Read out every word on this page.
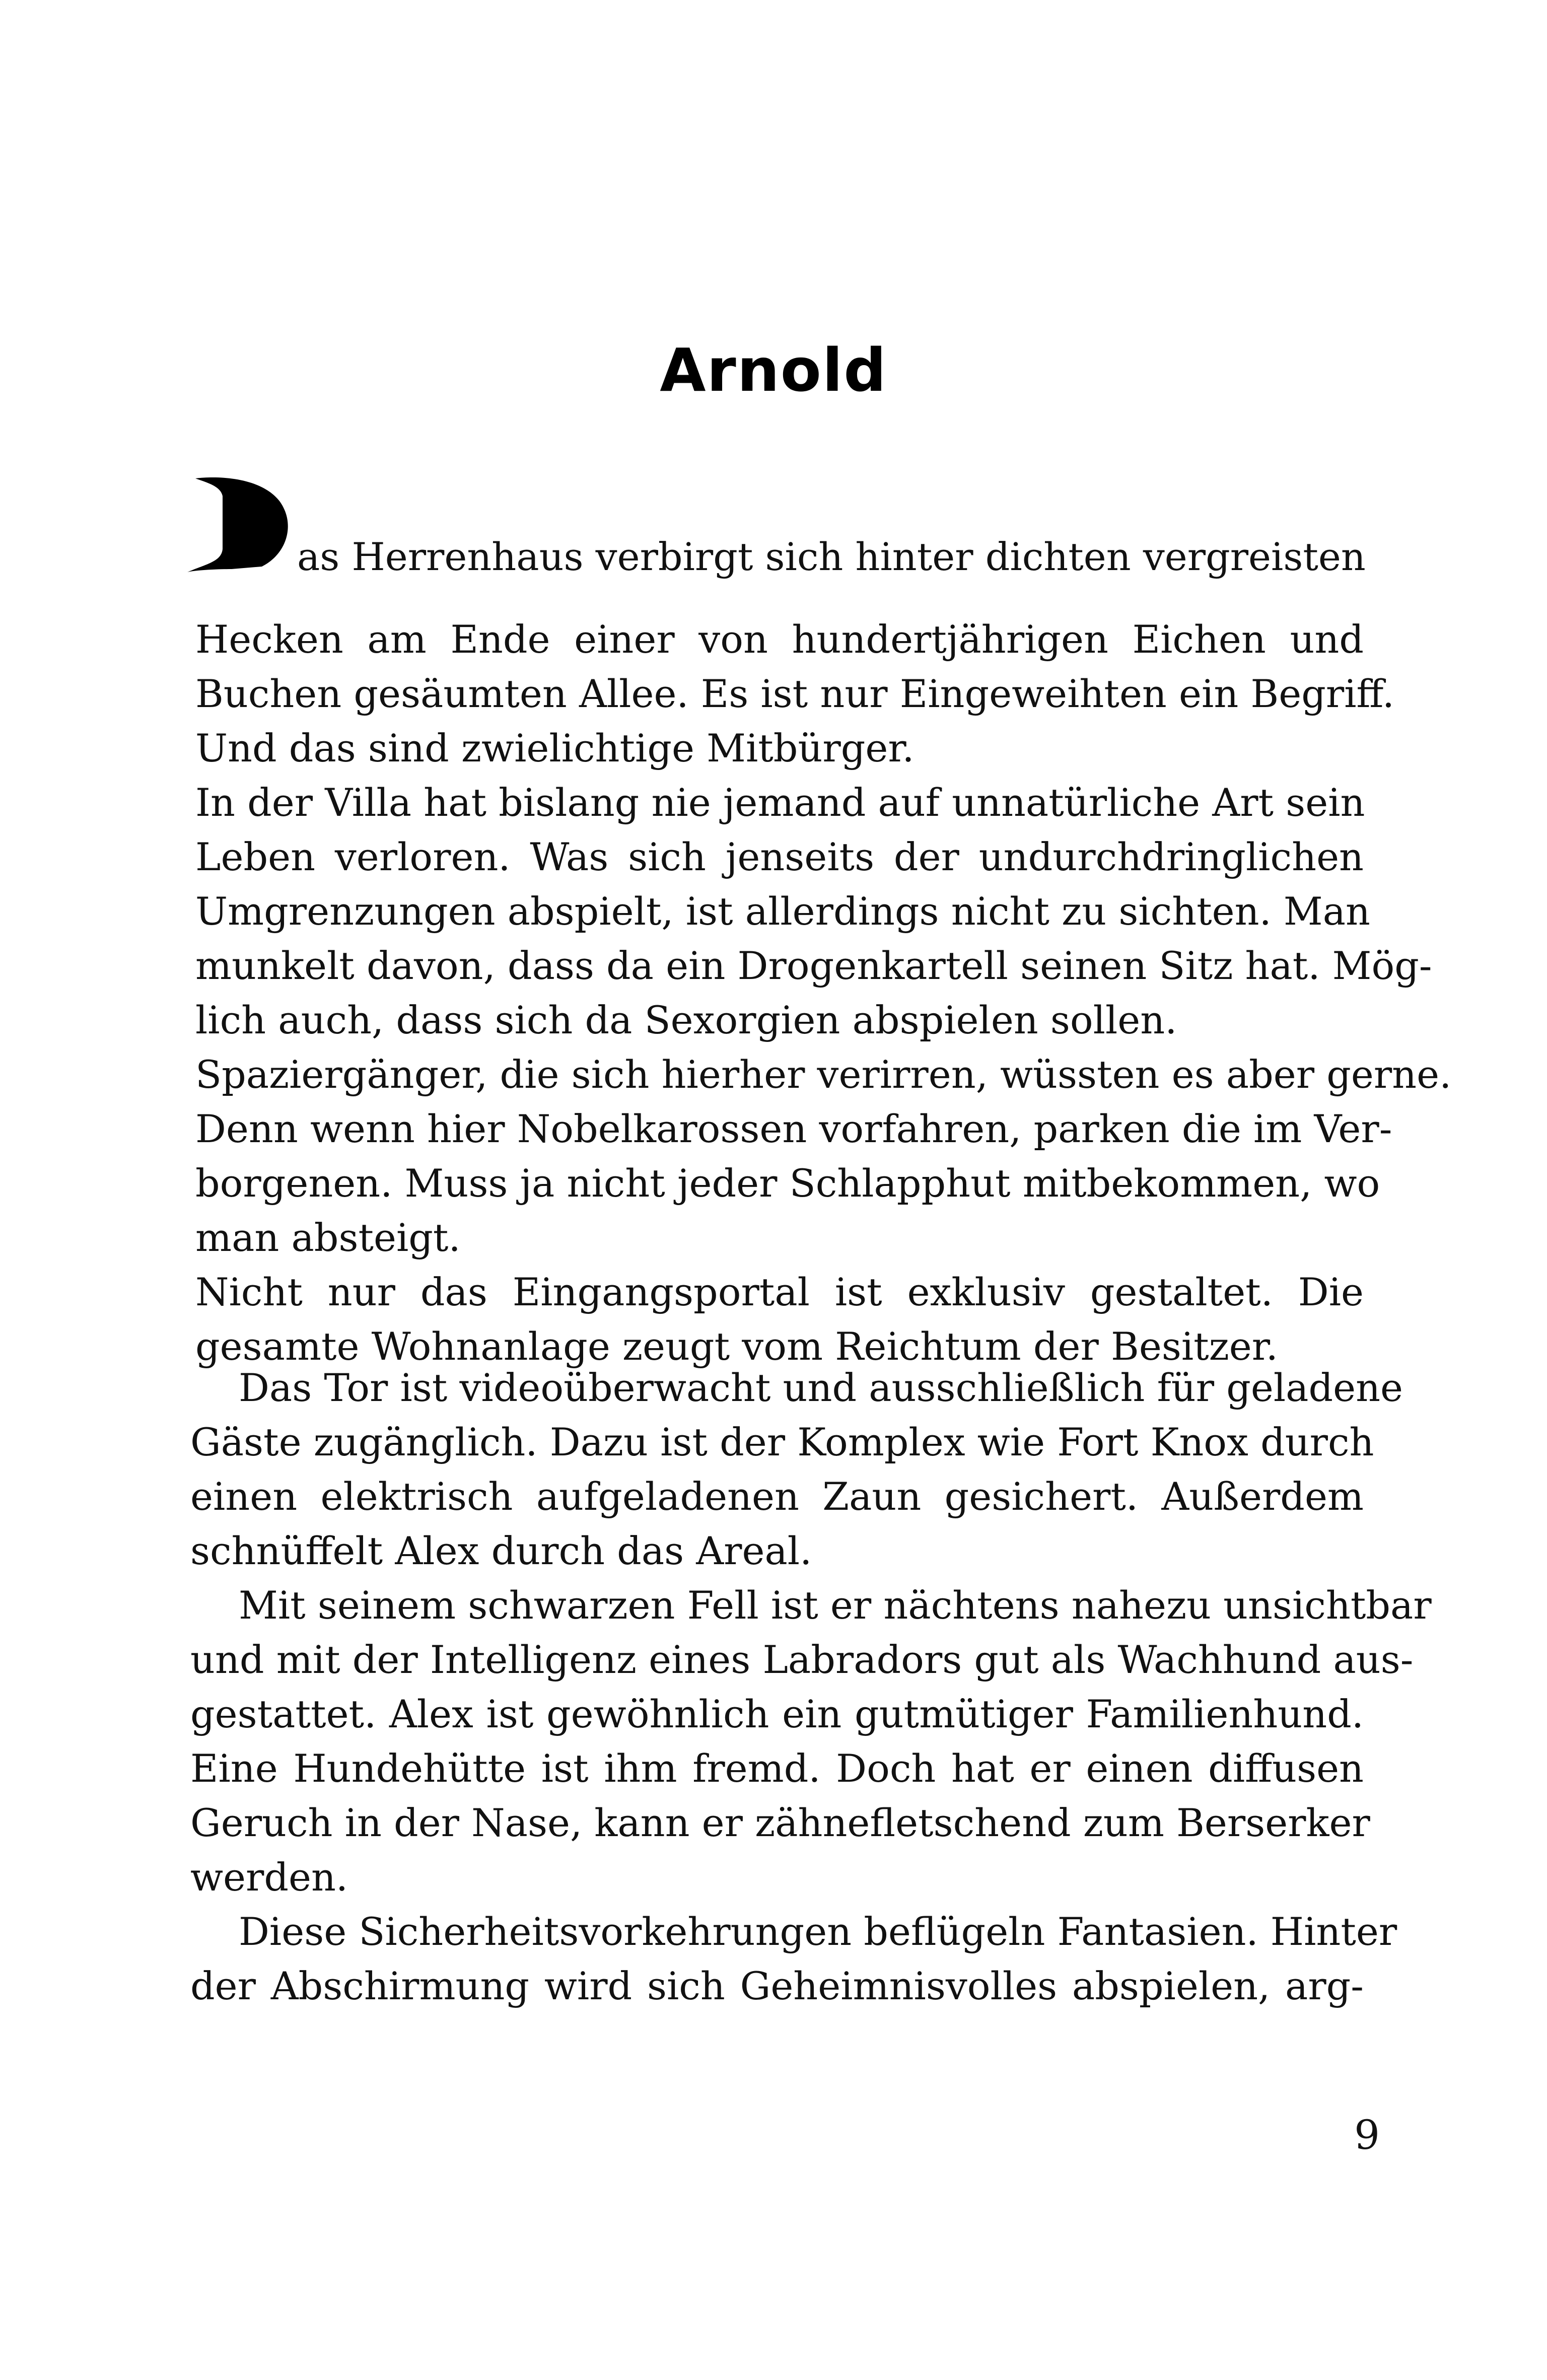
Arnold
as Herrenhaus verbirgt sich hinter dichten vergreisten
Hecken am Ende einer von hundertjährigen Eichen und
Buchen gesäumten Allee. Es ist nur Eingeweihten ein Begriff.
Und das sind zwielichtige Mitbürger.
In der Villa hat bislang nie jemand auf unnatürliche Art sein
Leben verloren. Was sich jenseits der undurchdringlichen
Umgrenzungen abspielt, ist allerdings nicht zu sichten. Man
munkelt davon, dass da ein Drogenkartell seinen Sitz hat. Mög-
lich auch, dass sich da Sexorgien abspielen sollen.
Spaziergänger, die sich hierher verirren, wüssten es aber gerne.
Denn wenn hier Nobelkarossen vorfahren, parken die im Ver-
borgenen. Muss ja nicht jeder Schlapphut mitbekommen, wo
man absteigt.
Nicht nur das Eingangsportal ist exklusiv gestaltet. Die
gesamte Wohnanlage zeugt vom Reichtum der Besitzer.
Das Tor ist videoüberwacht und ausschließlich für geladene
Gäste zugänglich. Dazu ist der Komplex wie Fort Knox durch
einen elektrisch aufgeladenen Zaun gesichert. Außerdem
schnüffelt Alex durch das Areal.
Mit seinem schwarzen Fell ist er nächtens nahezu unsichtbar
und mit der Intelligenz eines Labradors gut als Wachhund aus-
gestattet. Alex ist gewöhnlich ein gutmütiger Familienhund.
Eine Hundehütte ist ihm fremd. Doch hat er einen diffusen
Geruch in der Nase, kann er zähnefletschend zum Berserker
werden.
Diese Sicherheitsvorkehrungen beflügeln Fantasien. Hinter
der Abschirmung wird sich Geheimnisvolles abspielen, arg-
9
